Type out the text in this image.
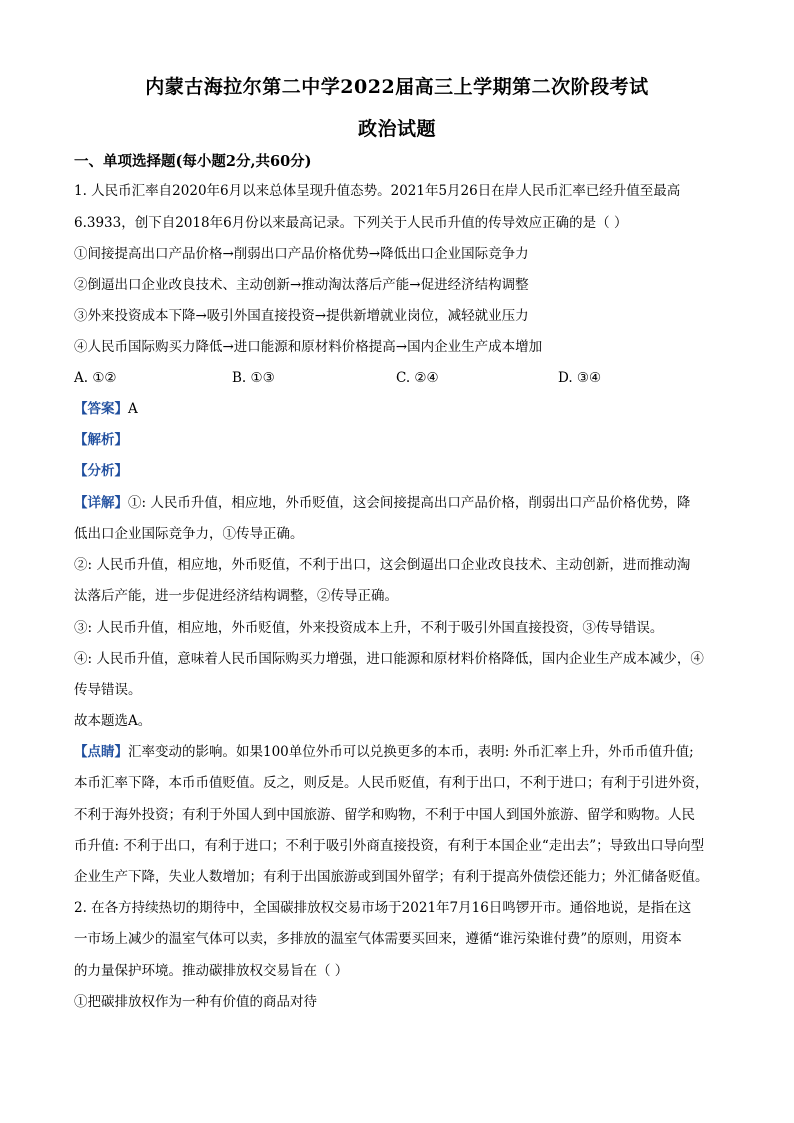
内蒙古海拉尔第二中学2022届高三上学期第二次阶段考试
政治试题
一、单项选择题(每小题2分,共60分)
1. 人民币汇率自2020年6月以来总体呈现升值态势。2021年5月26日在岸人民币汇率已经升值至最高
6.3933，创下自2018年6月份以来最高记录。下列关于人民币升值的传导效应正确的是（ ）
①间接提高出口产品价格→削弱出口产品价格优势→降低出口企业国际竞争力
②倒逼出口企业改良技术、主动创新→推动淘汰落后产能→促进经济结构调整
③外来投资成本下降→吸引外国直接投资→提供新增就业岗位，减轻就业压力
④人民币国际购买力降低→进口能源和原材料价格提高→国内企业生产成本增加
A. ①②	B. ①③	C. ②④	D. ③④
【答案】A
【解析】
【分析】
【详解】①: 人民币升值，相应地，外币贬值，这会间接提高出口产品价格，削弱出口产品价格优势，降
低出口企业国际竞争力，①传导正确。
②: 人民币升值，相应地，外币贬值，不利于出口，这会倒逼出口企业改良技术、主动创新，进而推动淘
汰落后产能，进一步促进经济结构调整，②传导正确。
③: 人民币升值，相应地，外币贬值，外来投资成本上升，不利于吸引外国直接投资，③传导错误。
④: 人民币升值，意味着人民币国际购买力增强，进口能源和原材料价格降低，国内企业生产成本减少，④
传导错误。
故本题选A。
【点睛】汇率变动的影响。如果100单位外币可以兑换更多的本币，表明: 外币汇率上升，外币币值升值;
本币汇率下降，本币币值贬值。反之，则反是。人民币贬值，有利于出口，不利于进口；有利于引进外资，
不利于海外投资；有利于外国人到中国旅游、留学和购物，不利于中国人到国外旅游、留学和购物。人民
币升值: 不利于出口，有利于进口；不利于吸引外商直接投资，有利于本国企业“走出去”；导致出口导向型
企业生产下降，失业人数增加；有利于出国旅游或到国外留学；有利于提高外债偿还能力；外汇储备贬值。
2. 在各方持续热切的期待中，全国碳排放权交易市场于2021年7月16日鸣锣开市。通俗地说，是指在这
一市场上减少的温室气体可以卖，多排放的温室气体需要买回来，遵循“谁污染谁付费”的原则，用资本
的力量保护环境。推动碳排放权交易旨在（ ）
①把碳排放权作为一种有价值的商品对待
